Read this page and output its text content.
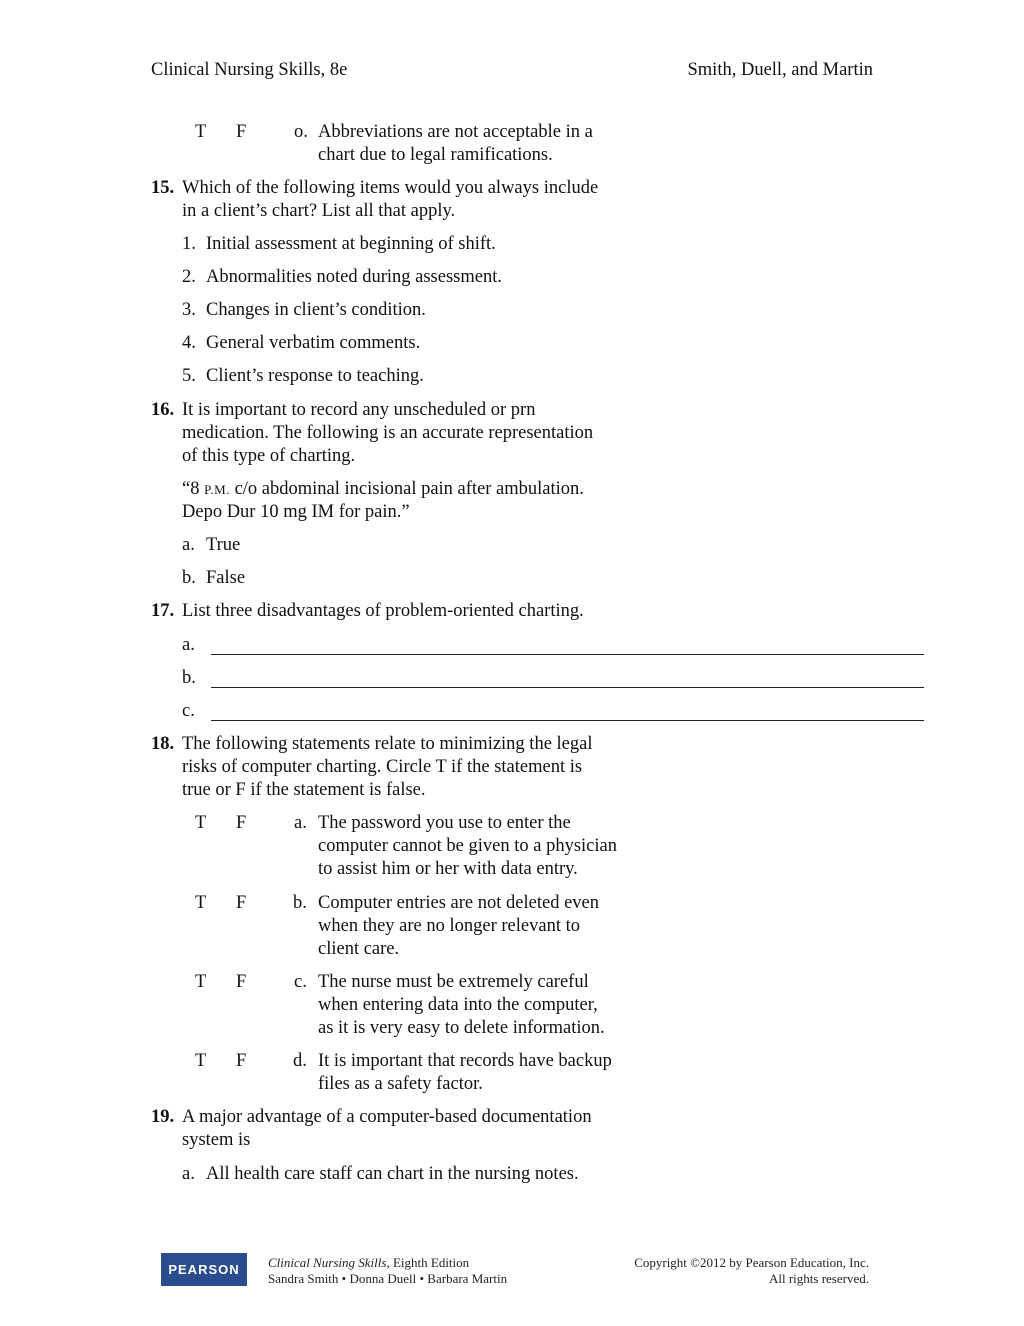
Clinical Nursing Skills, 8e	Smith, Duell, and Martin
T F	o. Abbreviations are not acceptable in a
chart due to legal ramifications.
15. Which of the following items would you always include
in a client’s chart? List all that apply.
1. Initial assessment at beginning of shift.
2. Abnormalities noted during assessment.
3. Changes in client’s condition.
4. General verbatim comments.
5. Client’s response to teaching.
16. It is important to record any unscheduled or prn
medication. The following is an accurate representation
of this type of charting.
“8 P.M. c/o abdominal incisional pain after ambulation.
Depo Dur 10 mg IM for pain.”
a. True
b. False
17. List three disadvantages of problem-oriented charting.
a.
b.
c.
18. The following statements relate to minimizing the legal
risks of computer charting. Circle T if the statement is
true or F if the statement is false.
T F	a. The password you use to enter the
computer cannot be given to a physician
to assist him or her with data entry.
T F	b. Computer entries are not deleted even
when they are no longer relevant to
client care.
T F	c. The nurse must be extremely careful
when entering data into the computer,
as it is very easy to delete information.
T F	d. It is important that records have backup
files as a safety factor.
19. A major advantage of a computer-based documentation
system is
a. All health care staff can chart in the nursing notes.
PEARSON	Clinical Nursing Skills, Eighth Edition
Sandra Smith • Donna Duell • Barbara Martin
Copyright ©2012 by Pearson Education, Inc.
All rights reserved.
